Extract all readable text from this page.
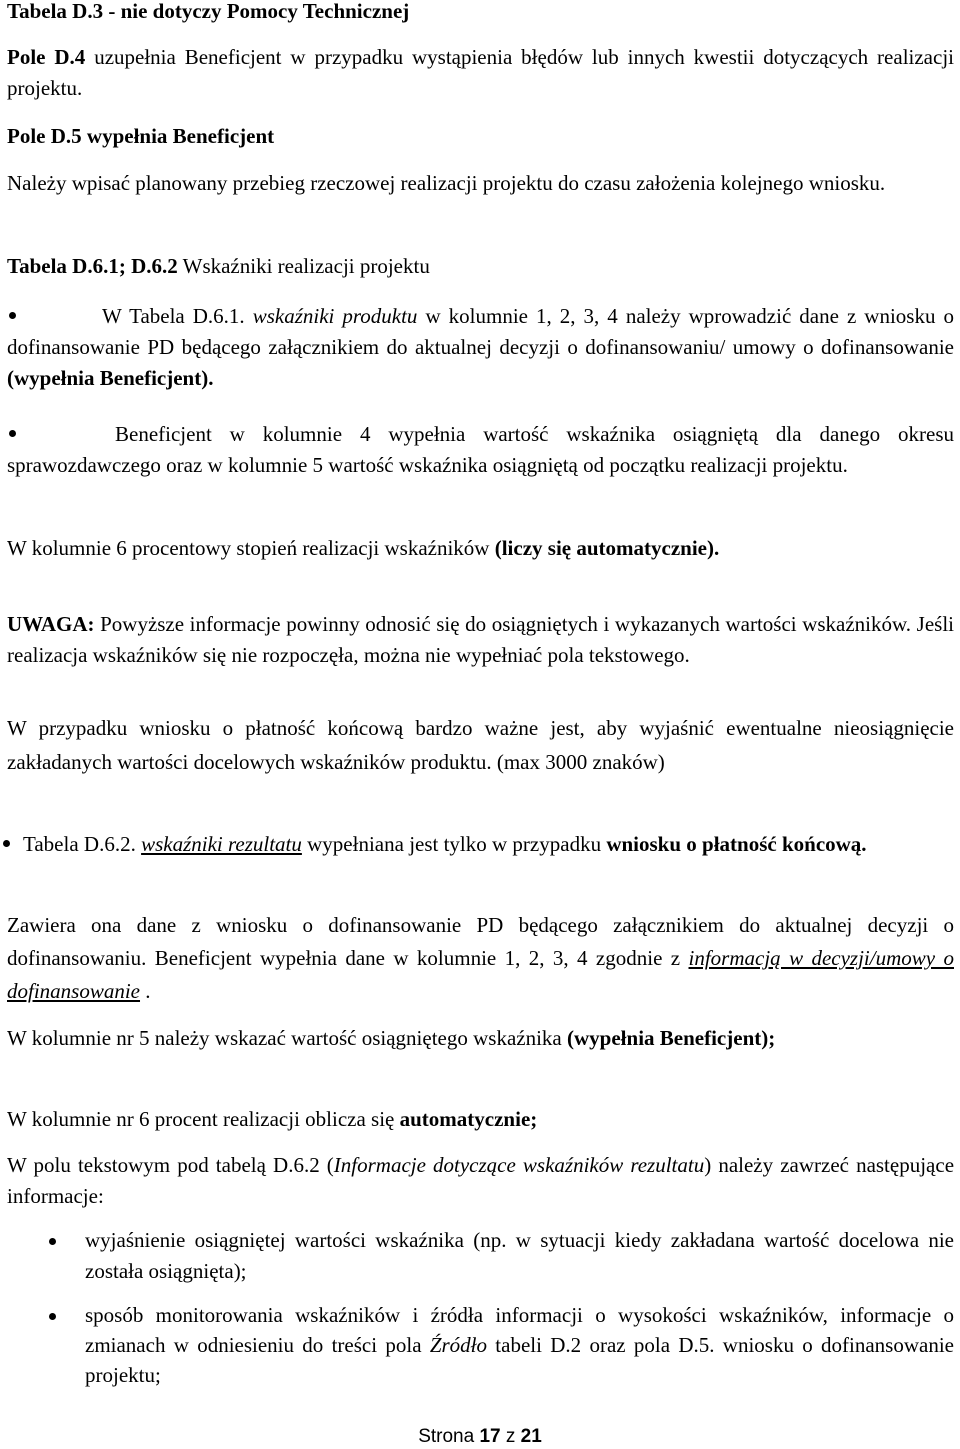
Tabela D.3 - nie dotyczy Pomocy Technicznej

Pole D.4 uzupełnia Beneficjent w przypadku wystąpienia błędów lub innych kwestii dotyczących realizacji projektu.

Pole D.5 wypełnia Beneficjent

Należy wpisać planowany przebieg rzeczowej realizacji projektu do czasu założenia kolejnego wniosku.

Tabela D.6.1; D.6.2 Wskaźniki realizacji projektu

W Tabela D.6.1. wskaźniki produktu w kolumnie 1, 2, 3, 4 należy wprowadzić dane z wniosku o dofinansowanie PD będącego załącznikiem do aktualnej decyzji o dofinansowaniu/ umowy o dofinansowanie (wypełnia Beneficjent).

Beneficjent w kolumnie 4 wypełnia wartość wskaźnika osiągniętą dla danego okresu sprawozdawczego oraz w kolumnie 5 wartość wskaźnika osiągniętą od początku realizacji projektu.

W kolumnie 6 procentowy stopień realizacji wskaźników (liczy się automatycznie).

UWAGA: Powyższe informacje powinny odnosić się do osiągniętych i wykazanych wartości wskaźników. Jeśli realizacja wskaźników się nie rozpoczęła, można nie wypełniać pola tekstowego.

W przypadku wniosku o płatność końcową bardzo ważne jest, aby wyjaśnić ewentualne nieosiągnięcie zakładanych wartości docelowych wskaźników produktu. (max 3000 znaków)

Tabela D.6.2. wskaźniki rezultatu wypełniana jest tylko w przypadku wniosku o płatność końcową.

Zawiera ona dane z wniosku o dofinansowanie PD będącego załącznikiem do aktualnej decyzji o dofinansowaniu. Beneficjent wypełnia dane w kolumnie 1, 2, 3, 4 zgodnie z informacją w decyzji/umowy o dofinansowanie .

W kolumnie nr 5 należy wskazać wartość osiągniętego wskaźnika (wypełnia Beneficjent);

W kolumnie nr 6 procent realizacji oblicza się automatycznie;

W polu tekstowym pod tabelą D.6.2 (Informacje dotyczące wskaźników rezultatu) należy zawrzeć następujące informacje:

wyjaśnienie osiągniętej wartości wskaźnika (np. w sytuacji kiedy zakładana wartość docelowa nie została osiągnięta);

sposób monitorowania wskaźników i źródła informacji o wysokości wskaźników, informacje o zmianach w odniesieniu do treści pola Źródło tabeli D.2 oraz pola D.5. wniosku o dofinansowanie projektu;

Strona 17 z 21
